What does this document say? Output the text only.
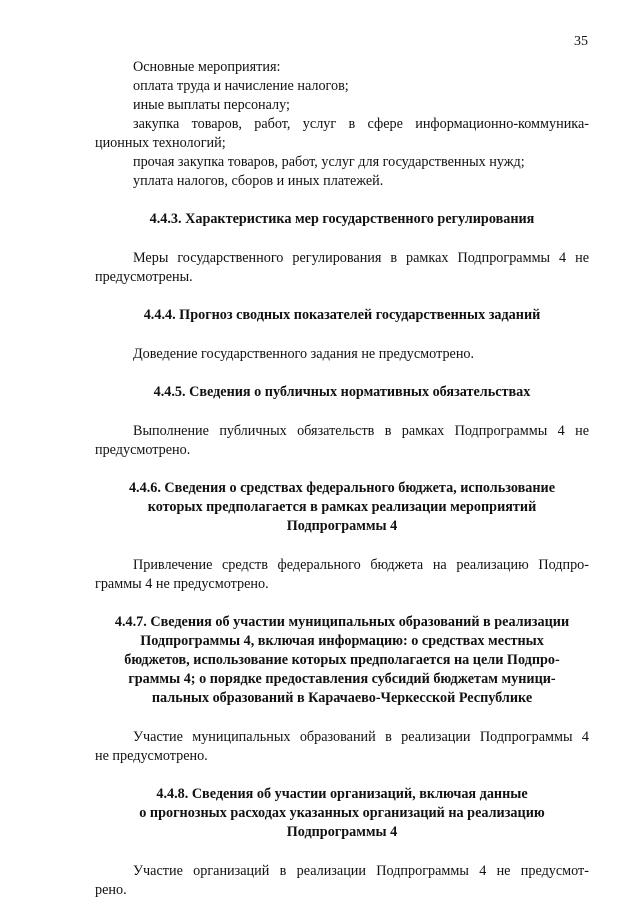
35
Основные мероприятия:
оплата труда и начисление налогов;
иные выплаты персоналу;
закупка товаров, работ, услуг в сфере информационно-коммуника-
ционных технологий;
прочая закупка товаров, работ, услуг для государственных нужд;
уплата налогов, сборов и иных платежей.
4.4.3. Характеристика мер государственного регулирования
Меры государственного регулирования в рамках Подпрограммы 4 не
предусмотрены.
4.4.4. Прогноз сводных показателей государственных заданий
Доведение государственного задания не предусмотрено.
4.4.5. Сведения о публичных нормативных обязательствах
Выполнение публичных обязательств в рамках Подпрограммы 4 не
предусмотрено.
4.4.6. Сведения о средствах федерального бюджета, использование
которых предполагается в рамках реализации мероприятий
Подпрограммы 4
Привлечение средств федерального бюджета на реализацию Подпро-
граммы 4 не предусмотрено.
4.4.7. Сведения об участии муниципальных образований в реализации
Подпрограммы 4, включая информацию: о средствах местных
бюджетов, использование которых предполагается на цели Подпро-
граммы 4; о порядке предоставления субсидий бюджетам муници-
пальных образований в Карачаево-Черкесской Республике
Участие муниципальных образований в реализации Подпрограммы 4
не предусмотрено.
4.4.8. Сведения об участии организаций, включая данные
о прогнозных расходах указанных организаций на реализацию
Подпрограммы 4
Участие организаций в реализации Подпрограммы 4 не предусмот-
рено.
